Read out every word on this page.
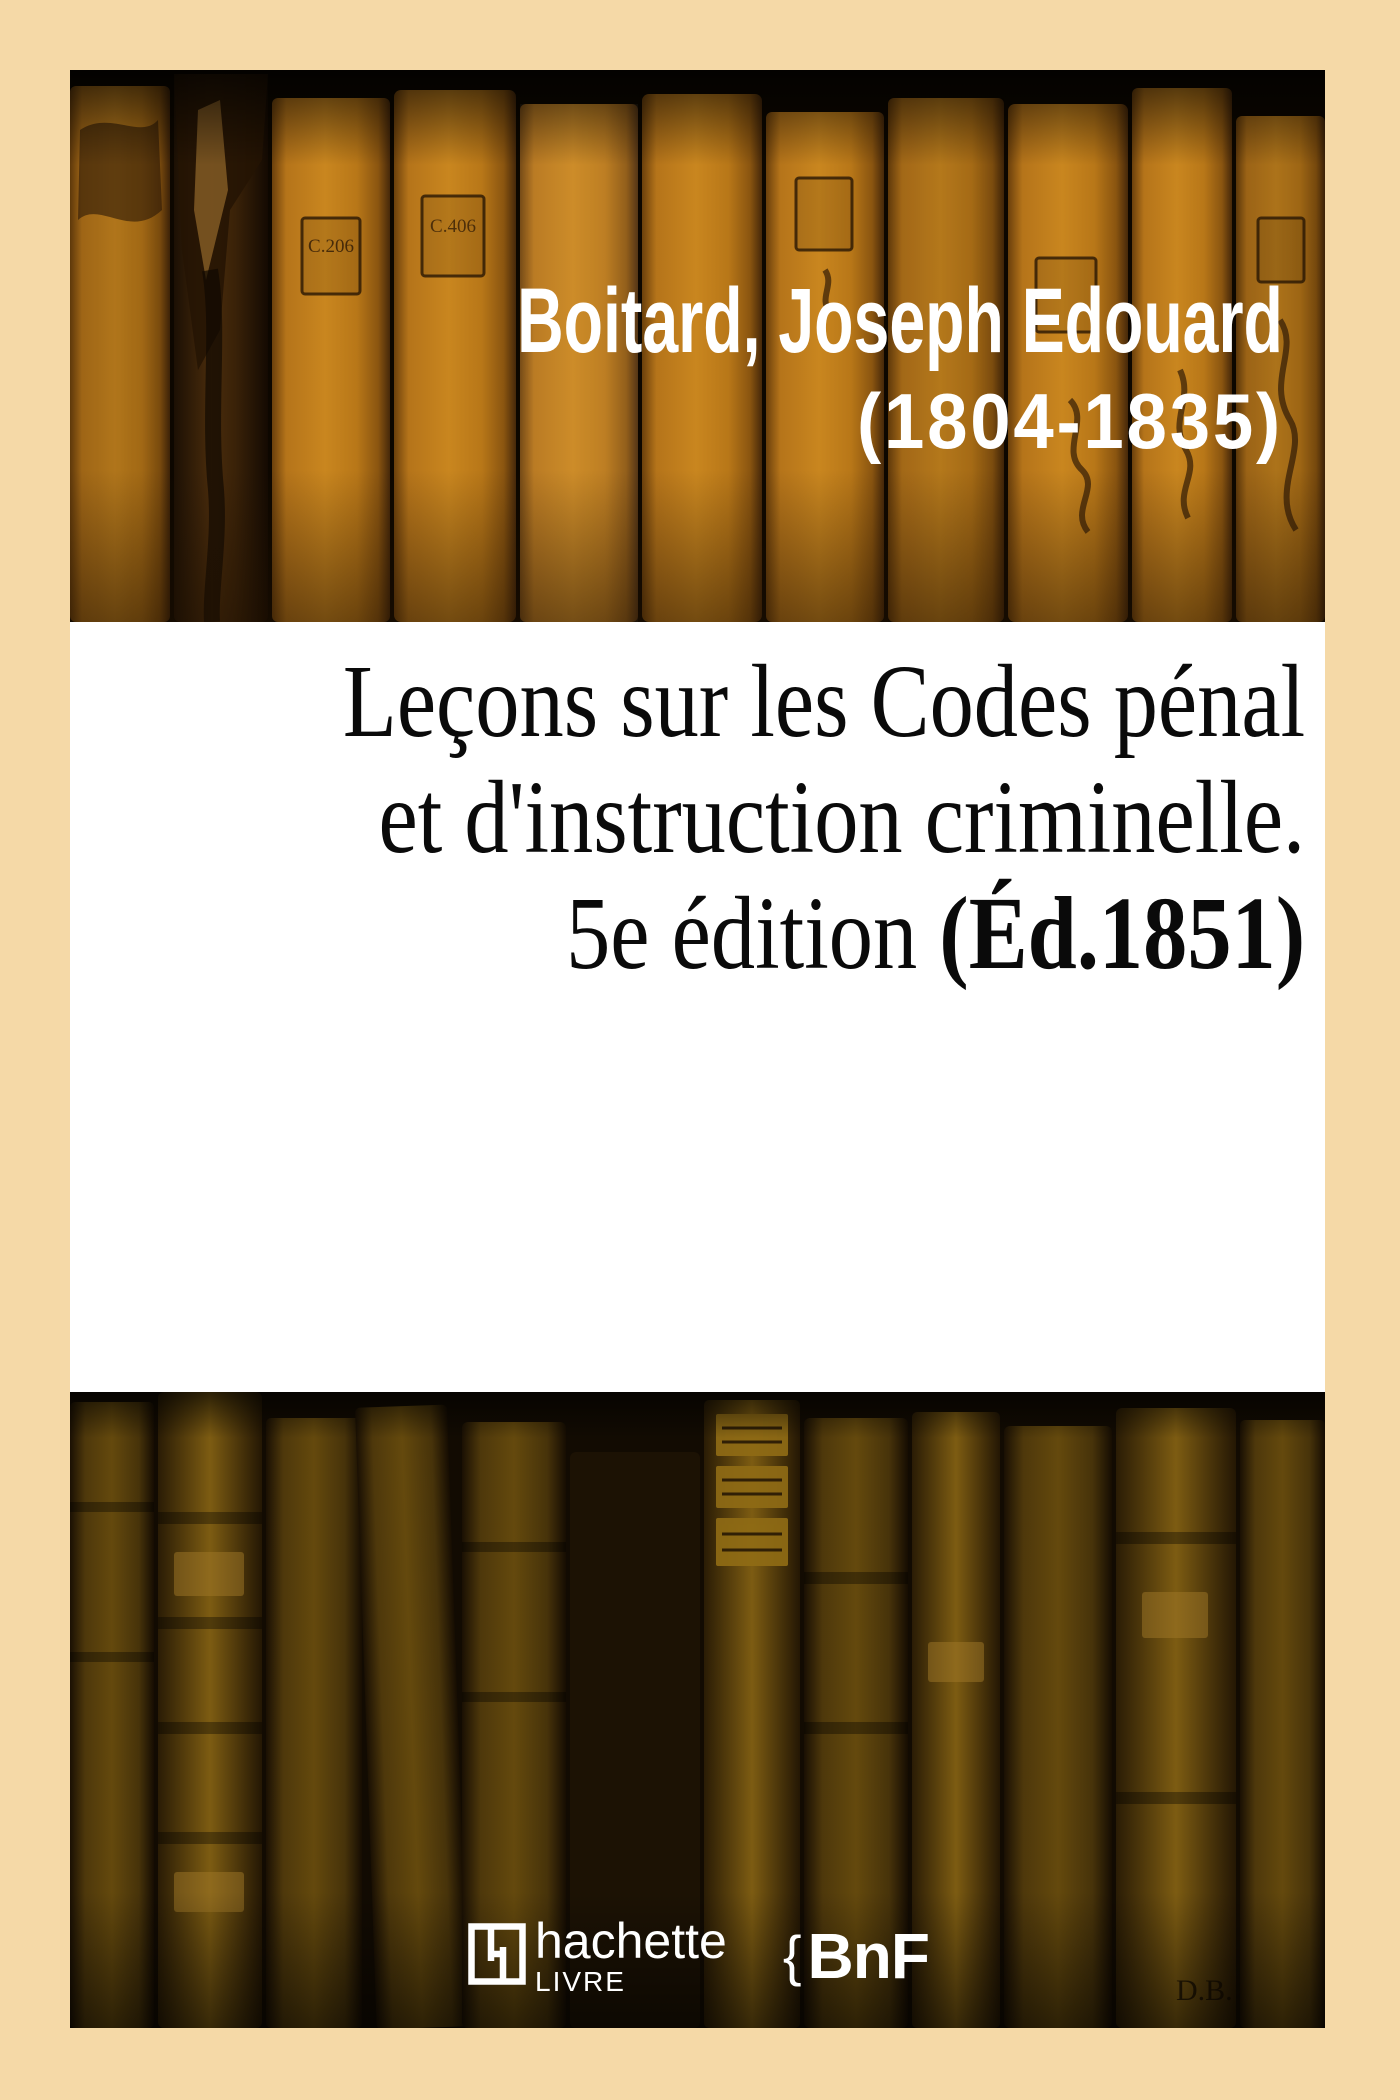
C.206
C.406
Boitard, Joseph Edouard
(1804-1835)
Leçons sur les Codes pénal
et d'instruction criminelle.
5e édition (Éd.1851)
hachette
LIVRE	{ BnF
